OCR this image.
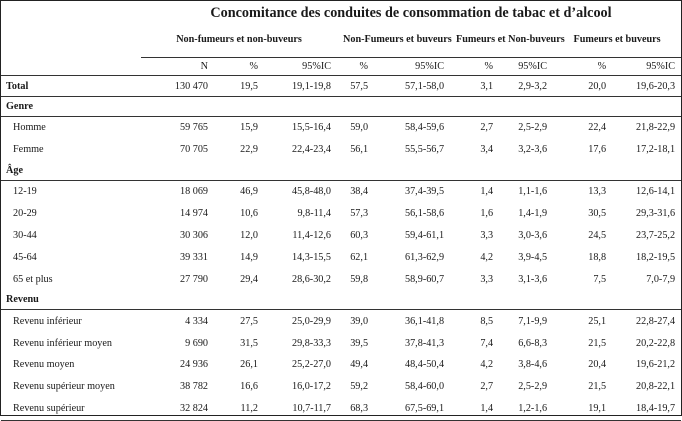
Concomitance des conduites de consommation de tabac et d’alcool
	Non-fumeurs et non-buveurs			Non-Fumeurs et buveurs		Fumeurs et Non-buveurs		Fumeurs et buveurs	
	N	%	95%IC	%	95%IC	%	95%IC	%	95%IC
Total	130 470	19,5	19,1-19,8	57,5	57,1-58,0	3,1	2,9-3,2	20,0	19,6-20,3
Genre									
Homme	59 765	15,9	15,5-16,4	59,0	58,4-59,6	2,7	2,5-2,9	22,4	21,8-22,9
Femme	70 705	22,9	22,4-23,4	56,1	55,5-56,7	3,4	3,2-3,6	17,6	17,2-18,1
Âge									
12-19	18 069	46,9	45,8-48,0	38,4	37,4-39,5	1,4	1,1-1,6	13,3	12,6-14,1
20-29	14 974	10,6	9,8-11,4	57,3	56,1-58,6	1,6	1,4-1,9	30,5	29,3-31,6
30-44	30 306	12,0	11,4-12,6	60,3	59,4-61,1	3,3	3,0-3,6	24,5	23,7-25,2
45-64	39 331	14,9	14,3-15,5	62,1	61,3-62,9	4,2	3,9-4,5	18,8	18,2-19,5
65 et plus	27 790	29,4	28,6-30,2	59,8	58,9-60,7	3,3	3,1-3,6	7,5	7,0-7,9
Revenu									
Revenu inférieur	4 334	27,5	25,0-29,9	39,0	36,1-41,8	8,5	7,1-9,9	25,1	22,8-27,4
Revenu inférieur moyen	9 690	31,5	29,8-33,3	39,5	37,8-41,3	7,4	6,6-8,3	21,5	20,2-22,8
Revenu moyen	24 936	26,1	25,2-27,0	49,4	48,4-50,4	4,2	3,8-4,6	20,4	19,6-21,2
Revenu supérieur moyen	38 782	16,6	16,0-17,2	59,2	58,4-60,0	2,7	2,5-2,9	21,5	20,8-22,1
Revenu supérieur	32 824	11,2	10,7-11,7	68,3	67,5-69,1	1,4	1,2-1,6	19,1	18,4-19,7
